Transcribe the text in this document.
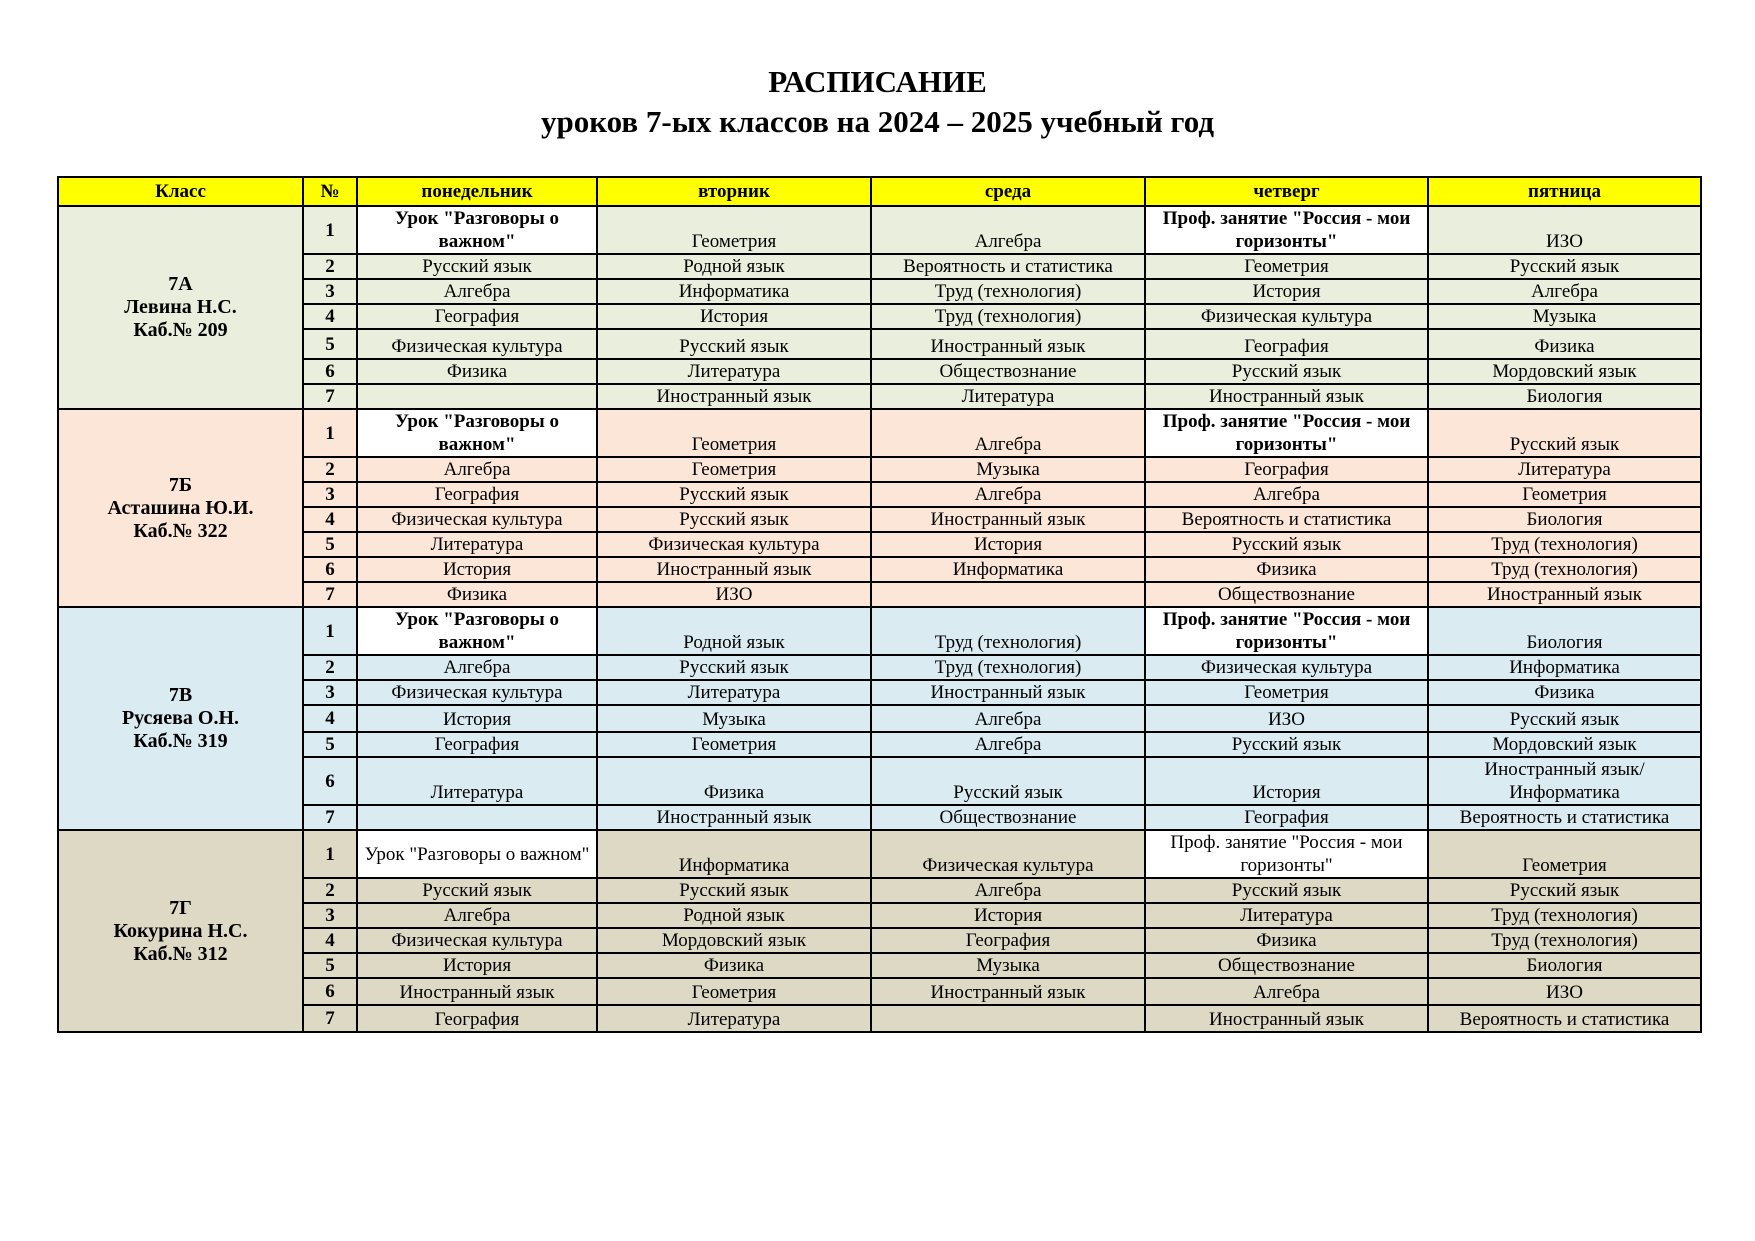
РАСПИСАНИЕ
уроков 7-ых классов на 2024 – 2025 учебный год
Класс	№	понедельник	вторник	среда	четверг	пятница

7А
Левина Н.С.
Каб.№ 209	1	Урок "Разговоры о важном"	Геометрия	Алгебра	Проф. занятие "Россия - мои горизонты"	ИЗО
	2	Русский язык	Родной язык	Вероятность и статистика	Геометрия	Русский язык
	3	Алгебра	Информатика	Труд (технология)	История	Алгебра
	4	География	История	Труд (технология)	Физическая культура	Музыка
	5	Физическая культура	Русский язык	Иностранный язык	География	Физика
	6	Физика	Литература	Обществознание	Русский язык	Мордовский язык
	7		Иностранный язык	Литература	Иностранный язык	Биология

7Б
Асташина Ю.И.
Каб.№ 322	1	Урок "Разговоры о важном"	Геометрия	Алгебра	Проф. занятие "Россия - мои горизонты"	Русский язык
	2	Алгебра	Геометрия	Музыка	География	Литература
	3	География	Русский язык	Алгебра	Алгебра	Геометрия
	4	Физическая культура	Русский язык	Иностранный язык	Вероятность и статистика	Биология
	5	Литература	Физическая культура	История	Русский язык	Труд (технология)
	6	История	Иностранный язык	Информатика	Физика	Труд (технология)
	7	Физика	ИЗО		Обществознание	Иностранный язык

7В
Русяева О.Н.
Каб.№ 319	1	Урок "Разговоры о важном"	Родной язык	Труд (технология)	Проф. занятие "Россия - мои горизонты"	Биология
	2	Алгебра	Русский язык	Труд (технология)	Физическая культура	Информатика
	3	Физическая культура	Литература	Иностранный язык	Геометрия	Физика
	4	История	Музыка	Алгебра	ИЗО	Русский язык
	5	География	Геометрия	Алгебра	Русский язык	Мордовский язык
	6	Литература	Физика	Русский язык	История	Иностранный язык/ Информатика
	7		Иностранный язык	Обществознание	География	Вероятность и статистика

7Г
Кокурина Н.С.
Каб.№ 312	1	Урок "Разговоры о важном"	Информатика	Физическая культура	Проф. занятие "Россия - мои горизонты"	Геометрия
	2	Русский язык	Русский язык	Алгебра	Русский язык	Русский язык
	3	Алгебра	Родной язык	История	Литература	Труд (технология)
	4	Физическая культура	Мордовский язык	География	Физика	Труд (технология)
	5	История	Физика	Музыка	Обществознание	Биология
	6	Иностранный язык	Геометрия	Иностранный язык	Алгебра	ИЗО
	7	География	Литература		Иностранный язык	Вероятность и статистика
